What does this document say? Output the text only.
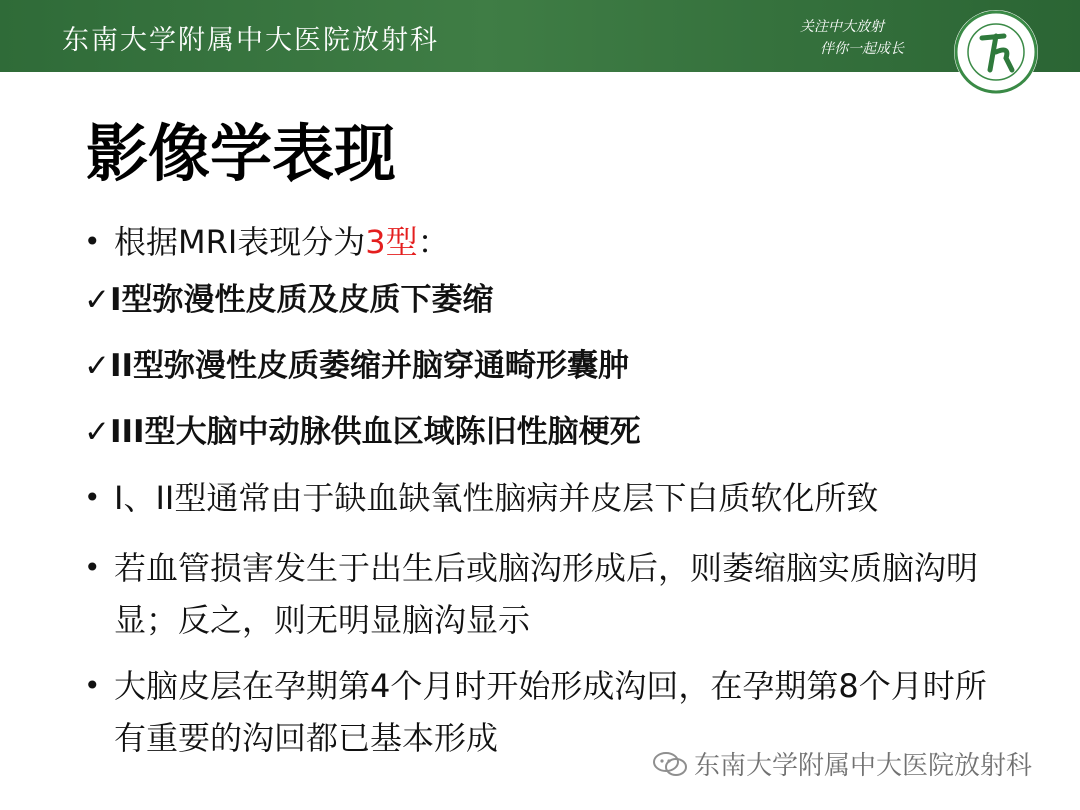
东南大学附属中大医院放射科	关注中大放射
伴你一起成长
影像学表现
• 根据MRI表现分为3型：
✓I型弥漫性皮质及皮质下萎缩
✓II型弥漫性皮质萎缩并脑穿通畸形囊肿
✓III型大脑中动脉供血区域陈旧性脑梗死
• I、II型通常由于缺血缺氧性脑病并皮层下白质软化所致
• 若血管损害发生于出生后或脑沟形成后，则萎缩脑实质脑沟明显；反之，则无明显脑沟显示
• 大脑皮层在孕期第4个月时开始形成沟回，在孕期第8个月时所有重要的沟回都已基本形成
东南大学附属中大医院放射科
